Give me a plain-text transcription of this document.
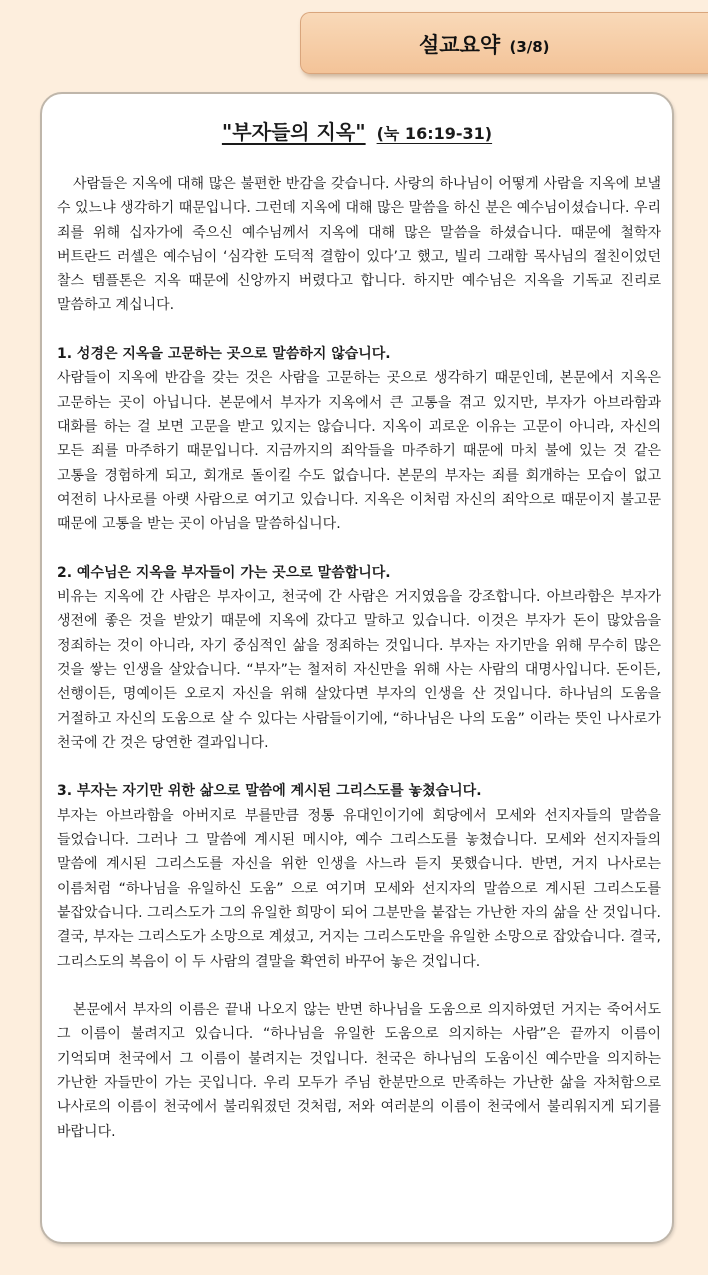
설교요약 (3/8)
"부자들의 지옥" (눅 16:19-31)

사람들은 지옥에 대해 많은 불편한 반감을 갖습니다. 사랑의 하나님이 어떻게 사람을 지옥에 보낼 수 있느냐 생각하기 때문입니다. 그런데 지옥에 대해 많은 말씀을 하신 분은 예수님이셨습니다. 우리 죄를 위해 십자가에 죽으신 예수님께서 지옥에 대해 많은 말씀을 하셨습니다. 때문에 철학자 버트란드 러셀은 예수님이 ‘심각한 도덕적 결함이 있다’고 했고, 빌리 그래함 목사님의 절친이었던 찰스 템플톤은 지옥 때문에 신앙까지 버렸다고 합니다. 하지만 예수님은 지옥을 기독교 진리로 말씀하고 계십니다.

1. 성경은 지옥을 고문하는 곳으로 말씀하지 않습니다.

사람들이 지옥에 반감을 갖는 것은 사람을 고문하는 곳으로 생각하기 때문인데, 본문에서 지옥은 고문하는 곳이 아닙니다. 본문에서 부자가 지옥에서 큰 고통을 겪고 있지만, 부자가 아브라함과 대화를 하는 걸 보면 고문을 받고 있지는 않습니다. 지옥이 괴로운 이유는 고문이 아니라, 자신의 모든 죄를 마주하기 때문입니다. 지금까지의 죄악들을 마주하기 때문에 마치 불에 있는 것 같은 고통을 경험하게 되고, 회개로 돌이킬 수도 없습니다. 본문의 부자는 죄를 회개하는 모습이 없고 여전히 나사로를 아랫 사람으로 여기고 있습니다. 지옥은 이처럼 자신의 죄악으로 때문이지 불고문 때문에 고통을 받는 곳이 아님을 말씀하십니다.

2. 예수님은 지옥을 부자들이 가는 곳으로 말씀합니다.

비유는 지옥에 간 사람은 부자이고, 천국에 간 사람은 거지였음을 강조합니다. 아브라함은 부자가 생전에 좋은 것을 받았기 때문에 지옥에 갔다고 말하고 있습니다. 이것은 부자가 돈이 많았음을 정죄하는 것이 아니라, 자기 중심적인 삶을 정죄하는 것입니다. 부자는 자기만을 위해 무수히 많은 것을 쌓는 인생을 살았습니다. “부자”는 철저히 자신만을 위해 사는 사람의 대명사입니다. 돈이든, 선행이든, 명예이든 오로지 자신을 위해 살았다면 부자의 인생을 산 것입니다. 하나님의 도움을 거절하고 자신의 도움으로 살 수 있다는 사람들이기에, “하나님은 나의 도움” 이라는 뜻인 나사로가 천국에 간 것은 당연한 결과입니다.

3. 부자는 자기만 위한 삶으로 말씀에 계시된 그리스도를 놓쳤습니다.

부자는 아브라함을 아버지로 부를만큼 정통 유대인이기에 회당에서 모세와 선지자들의 말씀을 들었습니다. 그러나 그 말씀에 계시된 메시야, 예수 그리스도를 놓쳤습니다. 모세와 선지자들의 말씀에 계시된 그리스도를 자신을 위한 인생을 사느라 듣지 못했습니다. 반면, 거지 나사로는 이름처럼 “하나님을 유일하신 도움” 으로 여기며 모세와 선지자의 말씀으로 계시된 그리스도를 붙잡았습니다. 그리스도가 그의 유일한 희망이 되어 그분만을 붙잡는 가난한 자의 삶을 산 것입니다. 결국, 부자는 그리스도가 소망으로 계셨고, 거지는 그리스도만을 유일한 소망으로 잡았습니다. 결국, 그리스도의 복음이 이 두 사람의 결말을 확연히 바꾸어 놓은 것입니다.

본문에서 부자의 이름은 끝내 나오지 않는 반면 하나님을 도움으로 의지하였던 거지는 죽어서도 그 이름이 불려지고 있습니다. “하나님을 유일한 도움으로 의지하는 사람”은 끝까지 이름이 기억되며 천국에서 그 이름이 불려지는 것입니다. 천국은 하나님의 도움이신 예수만을 의지하는 가난한 자들만이 가는 곳입니다. 우리 모두가 주님 한분만으로 만족하는 가난한 삶을 자처함으로 나사로의 이름이 천국에서 불리워졌던 것처럼, 저와 여러분의 이름이 천국에서 불리워지게 되기를 바랍니다.
